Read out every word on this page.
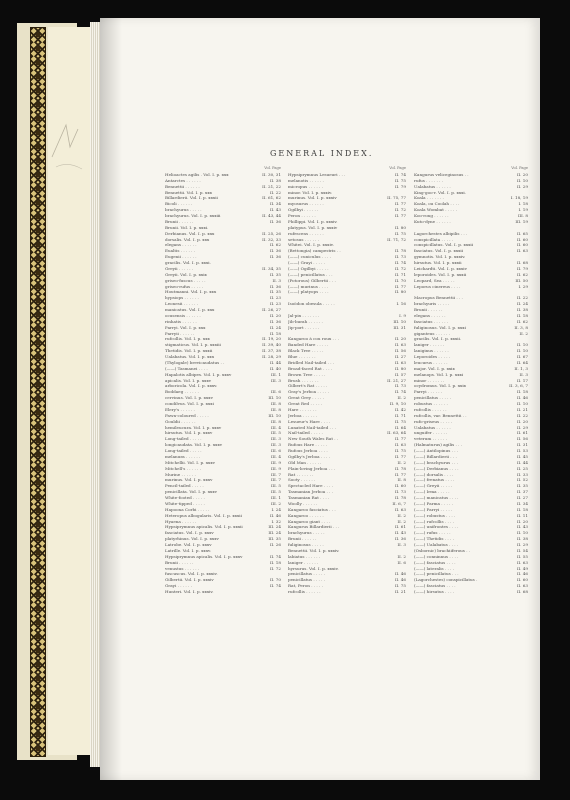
GENERAL INDEX.
Vol. Page
Helioactes agilis . Vol. I. p. xxx	II. 30, 31
Antarctes . . . . . .	II. 38
Bennettii . . . . . .	II. 21, 22
Bennettii. Vol. I. p. xxx	II. 22
Billardierii. Vol. I. p. xxxii	II. 61, 62
Bicoli . . . . . .	II. 34
brachyurus . . . . .	II. 43
brachyurus. Vol. I. p. xxxiii	II. 43, 44
Brunii . . . . . .	II. 36
Brunii. Vol. I. p. xxxi.
Derbianus. Vol. I. p. xxx	II. 25, 26
dorsalis. Vol. I. p. xxx	II. 32, 33
elegans . . . . . .	II. 62
Eualtis . . . . . .	II. 36
Eugenii . . . . . .	II. 36
gracilis. Vol. I. p. xxxi.
Greyii . . . . . .	II. 34, 35
Greyii. Vol. I. p. xxix	II. 35
griseo-fuscus . . . . .	II. 3
griseo-rufus . . . . .	II. 36
Houtmanni. Vol. I. p. xxx	II. 35
hypsiops . . . . . .	II. 23
Leonesii . . . . . .	II. 23
manicatus. Vol. I. p. xxx	II. 26, 27
ocusensis . . . . . .	II. 20
rinhatis . . . . . .	II. 36
Parryi. Vol. I. p. xxx	II. 24
Parryii . . . . . .	II. 18
rufcollis. Vol. I. p. xxx	II. 19, 20
stigmaticus. Vol. I. p. xxxiii	II. 39, 40
Thetidis. Vol. I. p. xxxii	II. 37, 38
Ualabatus. Vol. I. p. xxx	II. 28, 29
(Thylogale) brevicaudatus . .	II. 44
(——) Tasmanei . . . .	II. 40
Hapalotis albipes. Vol. I. p. xxxv	III. 1
apicalis. Vol. I. p. xxxv	III. 3
arboricola. Vol. I. p. xxxv.
Boddaeg . . . . . .	III. 6
cervinus. Vol. I. p. xxxv	III. 10
condilvus. Vol. I. p. xxxi	III. 8
Elery's . . . . . .	III. 8
Fawn-coloured . . . . .	III. 10
Gouldii . . . . . .	III. 8
hemileucura. Vol. I. p. xxxv	III. 4
hirsutus. Vol. I. p. xxxv	III. 5
Long-tailed . . . . .	III. 3
longicaudata. Vol. I. p. xxxv	III. 3
Long-tailed . . . . .	III. 6
melanura . . . . . .	III. 4
Mitchellii. Vol. I. p. xxxv	III. 9
Mitchell's . . . . . .	III. 9
Murine . . . . . .	III. 7
murinus. Vol. I. p. xxxv	III. 7
Pencil-tailed . . . . .	III. 5
penicillata. Vol. I. p. xxxv	III. 5
White-footed . . . . .	III. 1
White-tipped . . . . .	III. 2
Hapoona Corbi . . . . .	I. 24
Heteropus albogularis. Vol. I. p. xxxii	II. 46
Hyaena . . . . . .	I. 32
Hypsiprymnus apicalis. Vol. I. p. xxxii	III. 24
fasciatus. Vol. I. p. xxxv	III. 24
platyrhinus. Vol. I. p. xxxv	III. 35
Latrobe. Vol. I. p. xxxv	II. 26
Latrille. Vol. I. p. xxxv.
Hypsiprymnus apicalis. Vol. I. p. xxxv	II. 74
Brunii . . . . . .	II. 18
venustus . . . . . .	II. 72
fuscuscus. Vol. I. p. xxxiv.
Gilbertii. Vol. I. p. xxxiv	II. 70
Grayi . . . . . .	II. 74
Hunteri. Vol. I. p. xxxiv.
Vol. Page
Hypsiprymnus Lesueuri . . .	II. 74
melanotis . . . . . .	II. 75
micropus . . . . . .	II. 79
minor. Vol. I. p. xxxiv.
murinus. Vol. I. p. xxxiv	II. 75, 77
myosurus . . . . . .	II. 77
Ogilbyi . . . . . .	II. 72
Peron . . . . . .	II. 77
Phillippi. Vol. I. p. xxxiv.
platypus. Vol. I. p. xxxiv	II. 80
rufescens . . . . . .	II. 75
setosus . . . . . .	II. 71, 72
Whitei. Vol. I. p. xxxiv.
(Bettongia) campestris . .	II. 78
(——) cuniculus . . . .	II. 73
(——) Grayi . . . . .	II. 74
(——) Ogilbyi . . . . .	II. 72
(——) penicillatus . . .	II. 71
(Potorous) Gilbertii . . .	II. 70
(——) murinus . . . .	II. 77
(——) platyops . . . .	II. 80
Isoödon obesula . . . . .	I. 16
Jal-pix . . . . . . .	I. 9
Jib-burah . . . . . .	III. 10
Jip-port . . . . . .	III. 31
Kangaroo à cou roux . . .	II. 20
Banded Hare . . . . .	II. 63
Black Tree . . . . .	II. 56
Blue . . . . . . .	II. 27
Bridled Nail-tailed . . .	II. 63
Broad-faced Rat . . . .	II. 80
Brown Tree . . . . .	II. 57
Brush . . . . . . .	II. 21, 27
Gilbert's Rat . . . . .	II. 73
Gray's Jerboa . . . . .	II. 74
Great Grey . . . . .	II. 2
Great Red . . . . .	II. 9, 10
Hare . . . . . . .	II. 42
Jerboa . . . . . .	II. 71
Lesueur's Hare . . . .	II. 75
Lunated Nail-tailed . . .	II. 64
Nail-tailed . . . . .	II. 63, 64
New South Wales Rat . .	II. 77
Rufous Hare . . . . .	II. 63
Rufous Jerboa . . . .	II. 75
Ogilby's Jerboa . . . .	II. 77
Old Man . . . . . .	II. 2
Plain-loving Jerboa . . .	II. 78
Rat . . . . . . .	II. 77
Sooty . . . . . .	II. 8
Spectacled Hare . . . .	II. 60
Tasmanian Jerboa . . .	II. 73
Tasmanian Rat . . . .	II. 78
Woolly . . . . . .	II. 6, 7
Kangaroo fasciatus . . .	II. 63
Kangaroo . . . . . .	II. 2
Kangaroo giant . . . .	II. 2
Kangurus Billardierii . . .	II. 61
brachyurus . . . . .	II. 43
Brunii . . . . . .	II. 36
fuliginosus . . . . .	II. 3
Bennettii. Vol. I. p. xxxiv.
labiatus . . . . . .	II. 2
laniger . . . . . .	II. 6
hyrsurus. Vol. I. p. xxxiv.
penicillatus . . . . .	II. 46
penicillatus . . . . .	II. 46
Rat, Peron . . . . .	II. 75
rufcollis . . . . . .	II. 21
Vol. Page
Kangurus veliceginosus . .	II. 20
rufus . . . . . . .	II. 10
Ualabatus . . . . . .	II. 29
King-goo-r. Vol. I. p. xxxi.
Koala . . . . . . .	I. 18, 19
Koala, ou Coolah . . . .	I. 18
Koala Wombat . . . . .	I. 19
Koo-rong . . . . . .	III. 8
Kuto-dyne . . . . . .	III. 19
Lagorchestes albipilis . . .	II. 65
conspicillata . . . . .	II. 60
conspicillatus. Vol. I. p. xxxii	II. 60
fasciatus. Vol. I. p. xxxii	II. 63
gymnotis. Vol. I. p. xxxiv.
hirsutus. Vol. I. p. xxxii	II. 68
Leichardti. Vol. I. p. xxxiv	II. 79
leporoides. Vol. I. p. xxxii	II. 62
Leopard, Sea . . . . .	III. 50
Leporus cinereus . . . .	I. 29
Macropus Bennettii . . .	II. 22
brachyuris . . . . .	II. 24
Brunii . . . . . .	II. 38
elegans . . . . . .	II. 18
fasciatus . . . . . .	II. 62
fuliginosus. Vol. I. p. xxxi	II. 3, 8
giganteus . . . . . .	II. 2
gracilis. Vol. I. p. xxxii.
laniger . . . . . .	II. 10
laniginus . . . . . .	II. 10
Leporoides . . . . .	II. 67
leucurus . . . . . .	II. 64
major. Vol. I. p. xxix	II. 1, 3
melanops. Vol. I. p. xxxi	II. 3
minor . . . . . . .	II. 17
ocydromus. Vol. I. p. xxix	II. 3, 6, 7
Parryi . . . . . .	II. 18
penicillatus . . . . .	II. 46
robustus . . . . . .	II. 10
rufcollis . . . . . .	II. 21
rufcollis, var. Bennettii . .	II. 22
rufo-griseus . . . . .	II. 20
Ualabatus . . . . . .	II. 29
unguifer . . . . . .	II. 61
veterum . . . . . .	II. 56
(Halmaturus) agilis . . .	II. 31
(——) Antilopinus . . .	II. 53
(——) Billardierii . . .	II. 45
(——) brachyurus . . .	II. 44
(——) Derbianus . . . .	II. 25
(——) dorsalis . . . .	II. 33
(——) frenatus . . . .	II. 52
(——) Greyii . . . . .	II. 35
(——) Irma . . . . .	II. 37
(——) manicatus . . . .	II. 27
(——) Parma . . . . .	II. 34
(——) Parryi . . . . .	II. 18
(——) robustus . . . .	II. 11
(——) rufcollis . . . .	II. 20
(——) unifrontes . . . .	II. 43
(——) rufus . . . . .	II. 10
(——) Thetidis . . . .	II. 38
(——) Ualabatus . . . .	II. 29
(Osbornic) brachiiferous . .	II. 54
(——) conninnus . . . .	II. 55
(——) fasciatus . . . .	II. 63
(——) lateralis . . . .	II. 49
(——) penicillatus . . .	II. 46
(Lagorchestes) conspicillatus .	II. 60
(——) fasciatus . . . .	II. 63
(——) hirsutus . . . .	II. 68
